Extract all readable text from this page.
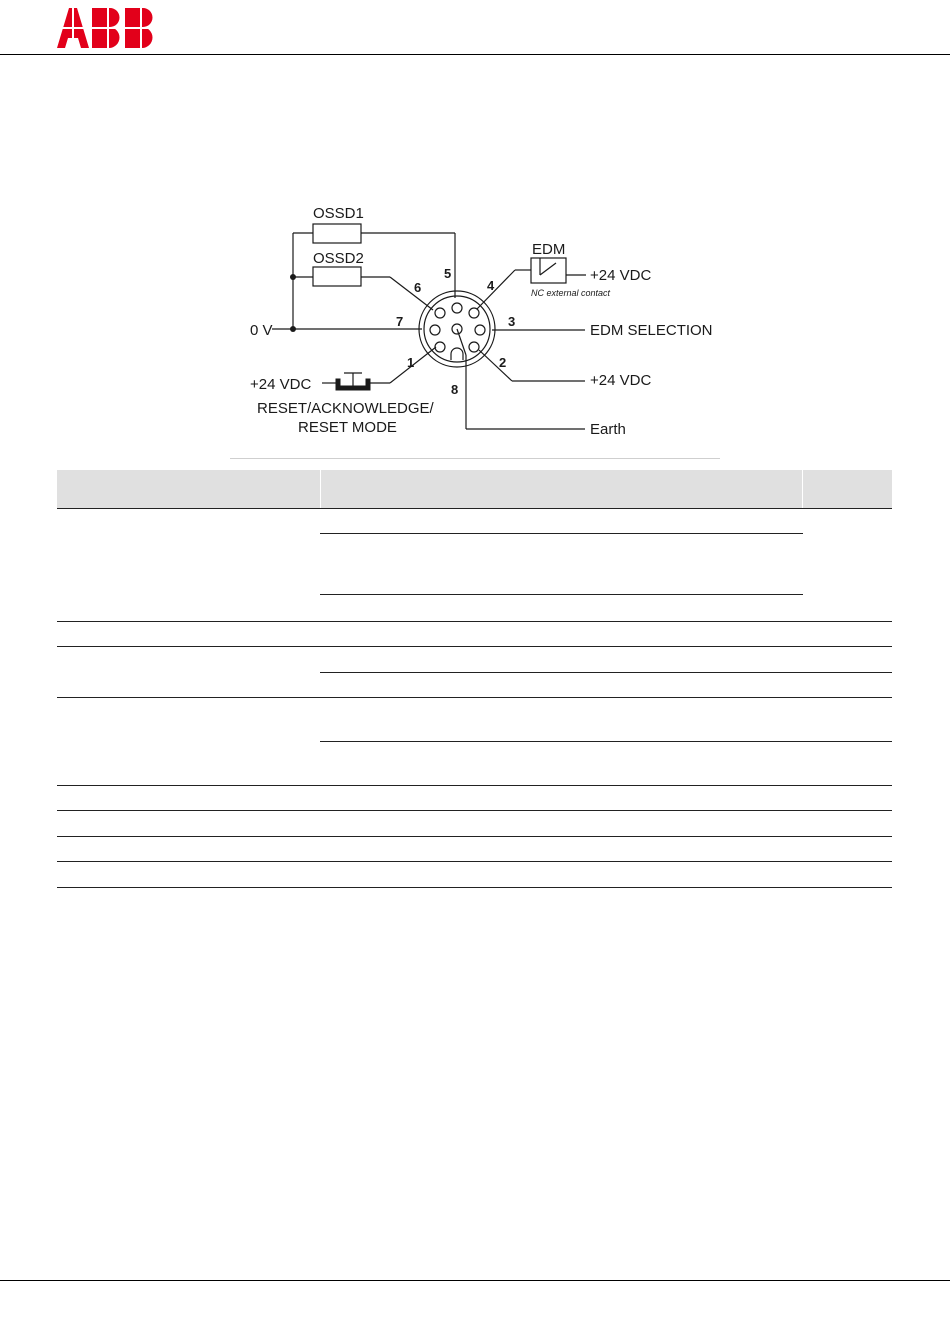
OSSD1
OSSD2
0 V
+24 VDC
RESET/ACKNOWLEDGE/
RESET MODE
EDM
NC external contact
+24 VDC
EDM SELECTION
+24 VDC
Earth
1	2
3
4
5
6
7
8
